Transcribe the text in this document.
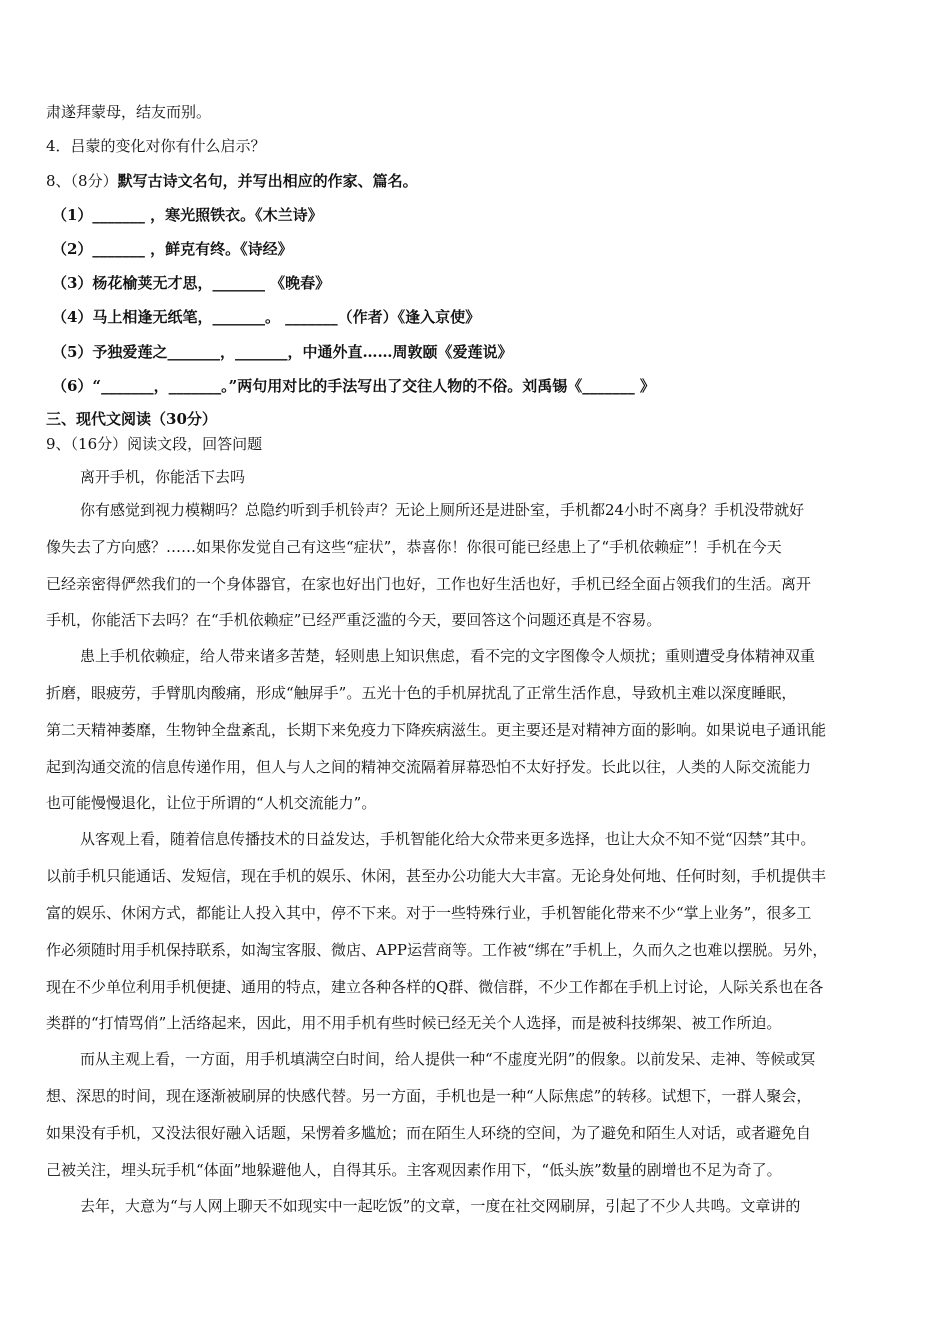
肃遂拜蒙母，结友而别。
4．吕蒙的变化对你有什么启示？
8、（8分）默写古诗文名句，并写出相应的作家、篇名。
（1）_______ ，寒光照铁衣。《木兰诗》
（2）_______ ，鲜克有终。《诗经》
（3）杨花榆荚无才思，_______ 《晚春》
（4）马上相逢无纸笔，_______。 _______（作者）《逢入京使》
（5）予独爱莲之_______，_______，中通外直……周敦颐《爱莲说》
（6）“_______，_______。”两句用对比的手法写出了交往人物的不俗。刘禹锡《_______ 》
三、现代文阅读（30分）
9、（16分）阅读文段，回答问题
离开手机，你能活下去吗
你有感觉到视力模糊吗？总隐约听到手机铃声？无论上厕所还是进卧室，手机都24小时不离身？手机没带就好
像失去了方向感？……如果你发觉自己有这些“症状”，恭喜你！你很可能已经患上了“手机依赖症”！手机在今天
已经亲密得俨然我们的一个身体器官，在家也好出门也好，工作也好生活也好，手机已经全面占领我们的生活。离开
手机，你能活下去吗？在“手机依赖症”已经严重泛滥的今天，要回答这个问题还真是不容易。
患上手机依赖症，给人带来诸多苦楚，轻则患上知识焦虑，看不完的文字图像令人烦扰；重则遭受身体精神双重
折磨，眼疲劳，手臂肌肉酸痛，形成“触屏手”。五光十色的手机屏扰乱了正常生活作息，导致机主难以深度睡眠，
第二天精神萎靡，生物钟全盘紊乱，长期下来免疫力下降疾病滋生。更主要还是对精神方面的影响。如果说电子通讯能
起到沟通交流的信息传递作用，但人与人之间的精神交流隔着屏幕恐怕不太好抒发。长此以往，人类的人际交流能力
也可能慢慢退化，让位于所谓的“人机交流能力”。
从客观上看，随着信息传播技术的日益发达，手机智能化给大众带来更多选择，也让大众不知不觉“囚禁”其中。
以前手机只能通话、发短信，现在手机的娱乐、休闲，甚至办公功能大大丰富。无论身处何地、任何时刻，手机提供丰
富的娱乐、休闲方式，都能让人投入其中，停不下来。对于一些特殊行业，手机智能化带来不少“掌上业务”，很多工
作必须随时用手机保持联系，如淘宝客服、微店、APP运营商等。工作被“绑在”手机上，久而久之也难以摆脱。另外，
现在不少单位利用手机便捷、通用的特点，建立各种各样的Q群、微信群，不少工作都在手机上讨论，人际关系也在各
类群的“打情骂俏”上活络起来，因此，用不用手机有些时候已经无关个人选择，而是被科技绑架、被工作所迫。
而从主观上看，一方面，用手机填满空白时间，给人提供一种“不虚度光阴”的假象。以前发呆、走神、等候或冥
想、深思的时间，现在逐渐被刷屏的快感代替。另一方面，手机也是一种“人际焦虑”的转移。试想下，一群人聚会，
如果没有手机，又没法很好融入话题，呆愣着多尴尬；而在陌生人环绕的空间，为了避免和陌生人对话，或者避免自
己被关注，埋头玩手机“体面”地躲避他人，自得其乐。主客观因素作用下，“低头族”数量的剧增也不足为奇了。
去年，大意为“与人网上聊天不如现实中一起吃饭”的文章，一度在社交网刷屏，引起了不少人共鸣。文章讲的
